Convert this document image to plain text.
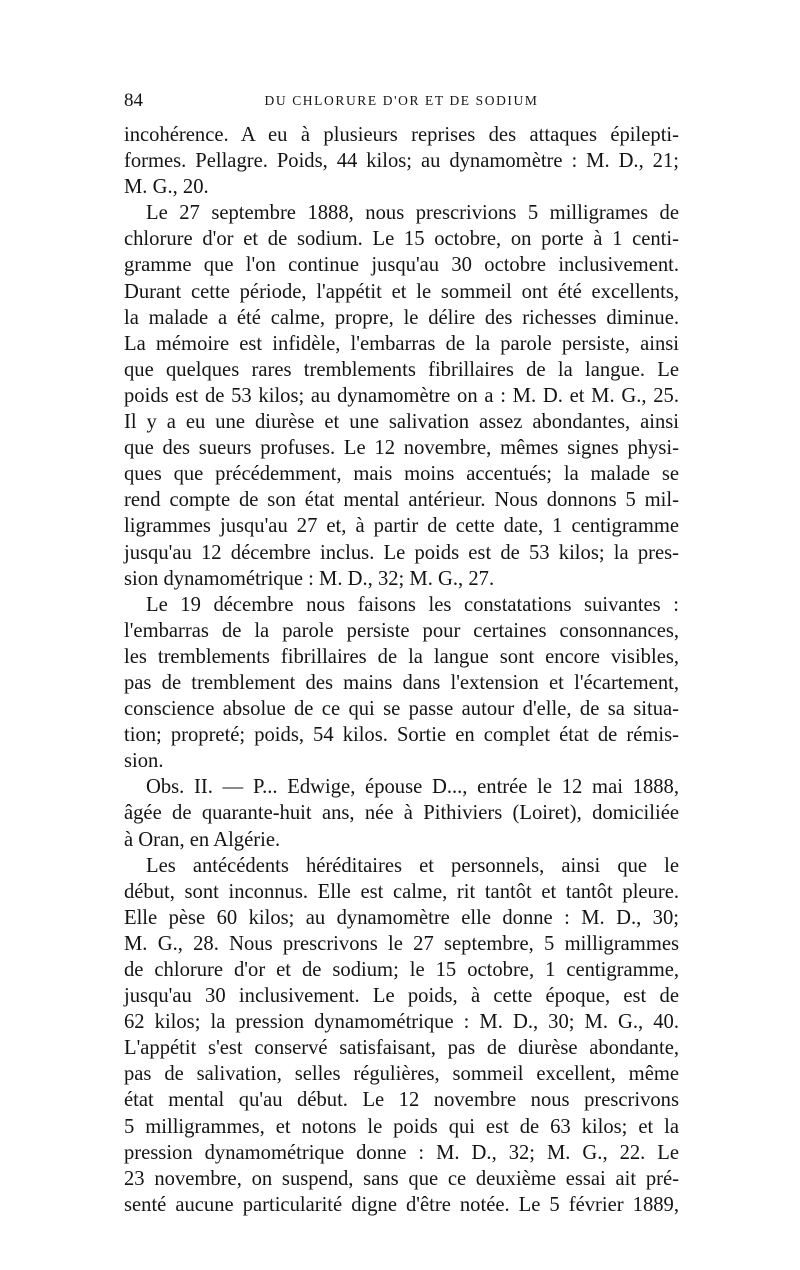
84	DU CHLORURE D'OR ET DE SODIUM

incohérence. A eu à plusieurs reprises des attaques épilepti-

formes. Pellagre. Poids, 44 kilos; au dynamomètre : M. D., 21;

M. G., 20.

Le 27 septembre 1888, nous prescrivions 5 milligrames de

chlorure d'or et de sodium. Le 15 octobre, on porte à 1 centi-

gramme que l'on continue jusqu'au 30 octobre inclusivement.

Durant cette période, l'appétit et le sommeil ont été excellents,

la malade a été calme, propre, le délire des richesses diminue.

La mémoire est infidèle, l'embarras de la parole persiste, ainsi

que quelques rares tremblements fibrillaires de la langue. Le

poids est de 53 kilos; au dynamomètre on a : M. D. et M. G., 25.

Il y a eu une diurèse et une salivation assez abondantes, ainsi

que des sueurs profuses. Le 12 novembre, mêmes signes physi-

ques que précédemment, mais moins accentués; la malade se

rend compte de son état mental antérieur. Nous donnons 5 mil-

ligrammes jusqu'au 27 et, à partir de cette date, 1 centigramme

jusqu'au 12 décembre inclus. Le poids est de 53 kilos; la pres-

sion dynamométrique : M. D., 32; M. G., 27.

Le 19 décembre nous faisons les constatations suivantes :

l'embarras de la parole persiste pour certaines consonnances,

les tremblements fibrillaires de la langue sont encore visibles,

pas de tremblement des mains dans l'extension et l'écartement,

conscience absolue de ce qui se passe autour d'elle, de sa situa-

tion; propreté; poids, 54 kilos. Sortie en complet état de rémis-

sion.

Obs. II. — P... Edwige, épouse D..., entrée le 12 mai 1888,

âgée de quarante-huit ans, née à Pithiviers (Loiret), domiciliée

à Oran, en Algérie.

Les antécédents héréditaires et personnels, ainsi que le

début, sont inconnus. Elle est calme, rit tantôt et tantôt pleure.

Elle pèse 60 kilos; au dynamomètre elle donne : M. D., 30;

M. G., 28. Nous prescrivons le 27 septembre, 5 milligrammes

de chlorure d'or et de sodium; le 15 octobre, 1 centigramme,

jusqu'au 30 inclusivement. Le poids, à cette époque, est de

62 kilos; la pression dynamométrique : M. D., 30; M. G., 40.

L'appétit s'est conservé satisfaisant, pas de diurèse abondante,

pas de salivation, selles régulières, sommeil excellent, même

état mental qu'au début. Le 12 novembre nous prescrivons

5 milligrammes, et notons le poids qui est de 63 kilos; et la

pression dynamométrique donne : M. D., 32; M. G., 22. Le

23 novembre, on suspend, sans que ce deuxième essai ait pré-

senté aucune particularité digne d'être notée. Le 5 février 1889,
